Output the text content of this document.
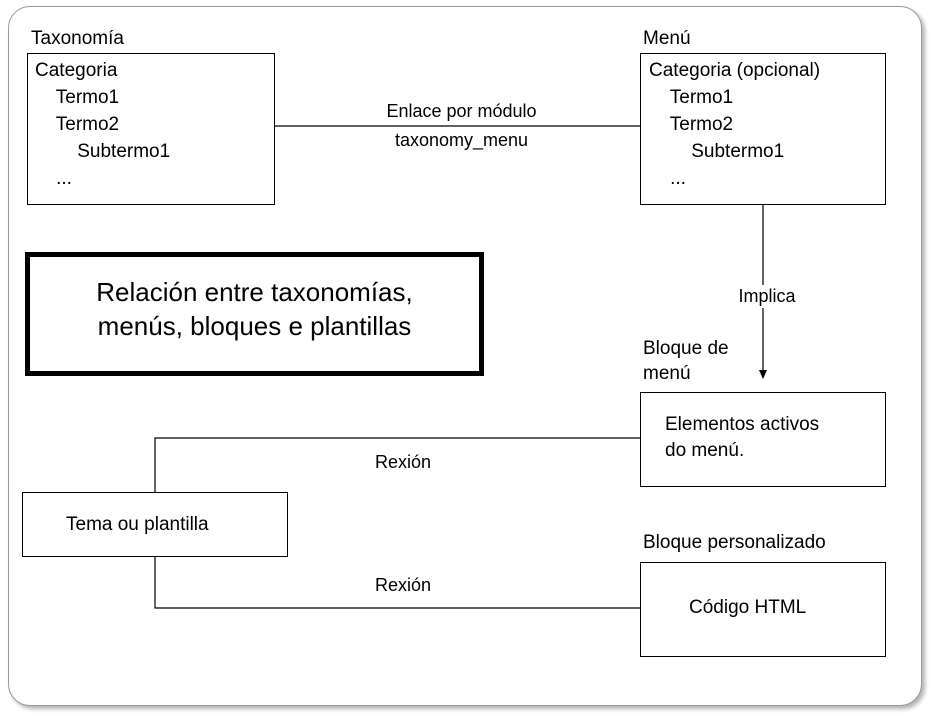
Taxonomía
Categoria
Termo1
Termo2
Subtermo1
...
Menú
Categoria (opcional)
Termo1
Termo2
Subtermo1
...
Enlace por módulo
taxonomy_menu
Implica
Relación entre taxonomías,
menús, bloques e plantillas
Bloque de
menú
Elementos activos
do menú.
Bloque personalizado
Código HTML
Tema ou plantilla
Rexión
Rexión
